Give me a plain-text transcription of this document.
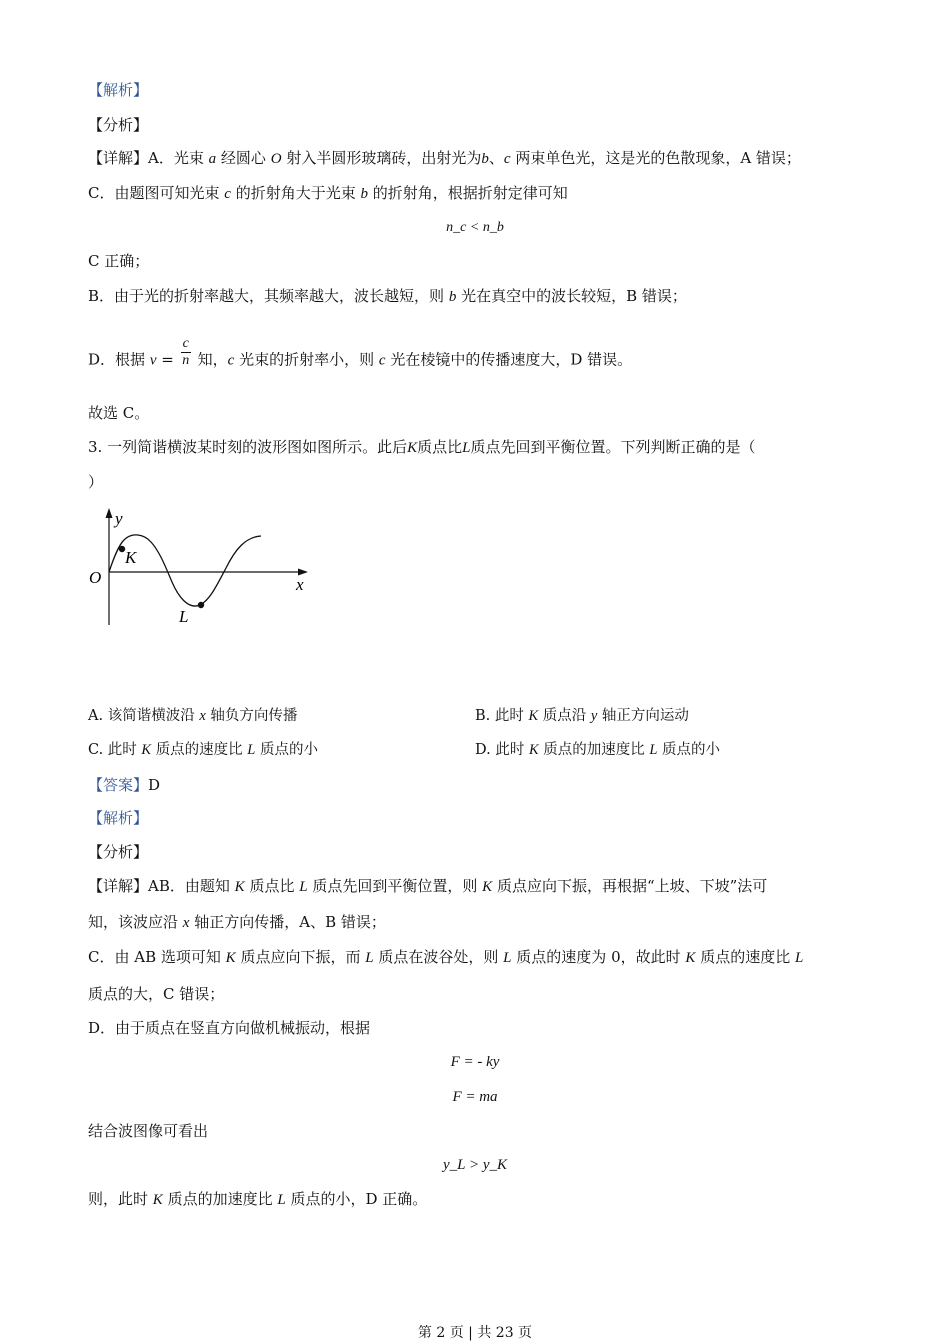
【解析】
【分析】
【详解】A．光束 a 经圆心 O 射入半圆形玻璃砖，出射光为b、c 两束单色光，这是光的色散现象，A 错误；
C．由题图可知光束 c 的折射角大于光束 b 的折射角，根据折射定律可知
n_c < n_b
C 正确；
B．由于光的折射率越大，其频率越大，波长越短，则 b 光在真空中的波长较短，B 错误；
D．根据 $v = \frac{c}{n}$ 知，c 光束的折射率小，则 c 光在棱镜中的传播速度大，D 错误。
故选 C。
3. 一列简谐横波某时刻的波形图如图所示。此后K质点比L质点先回到平衡位置。下列判断正确的是（
）
y
x
O
K
L
A. 该简谐横波沿 x 轴负方向传播	B. 此时 K 质点沿 y 轴正方向运动
C. 此时 K 质点的速度比 L 质点的小	D. 此时 K 质点的加速度比 L 质点的小
【答案】D
【解析】
【分析】
【详解】AB．由题知 K 质点比 L 质点先回到平衡位置，则 K 质点应向下振，再根据“上坡、下坡”法可
知，该波应沿 x 轴正方向传播，A、B 错误；
C．由 AB 选项可知 K 质点应向下振，而 L 质点在波谷处，则 L 质点的速度为 0，故此时 K 质点的速度比 L
质点的大，C 错误；
D．由于质点在竖直方向做机械振动，根据
F = - ky
F = ma
结合波图像可看出
y_L > y_K
则，此时 K 质点的加速度比 L 质点的小，D 正确。
第 2 页 | 共 23 页
